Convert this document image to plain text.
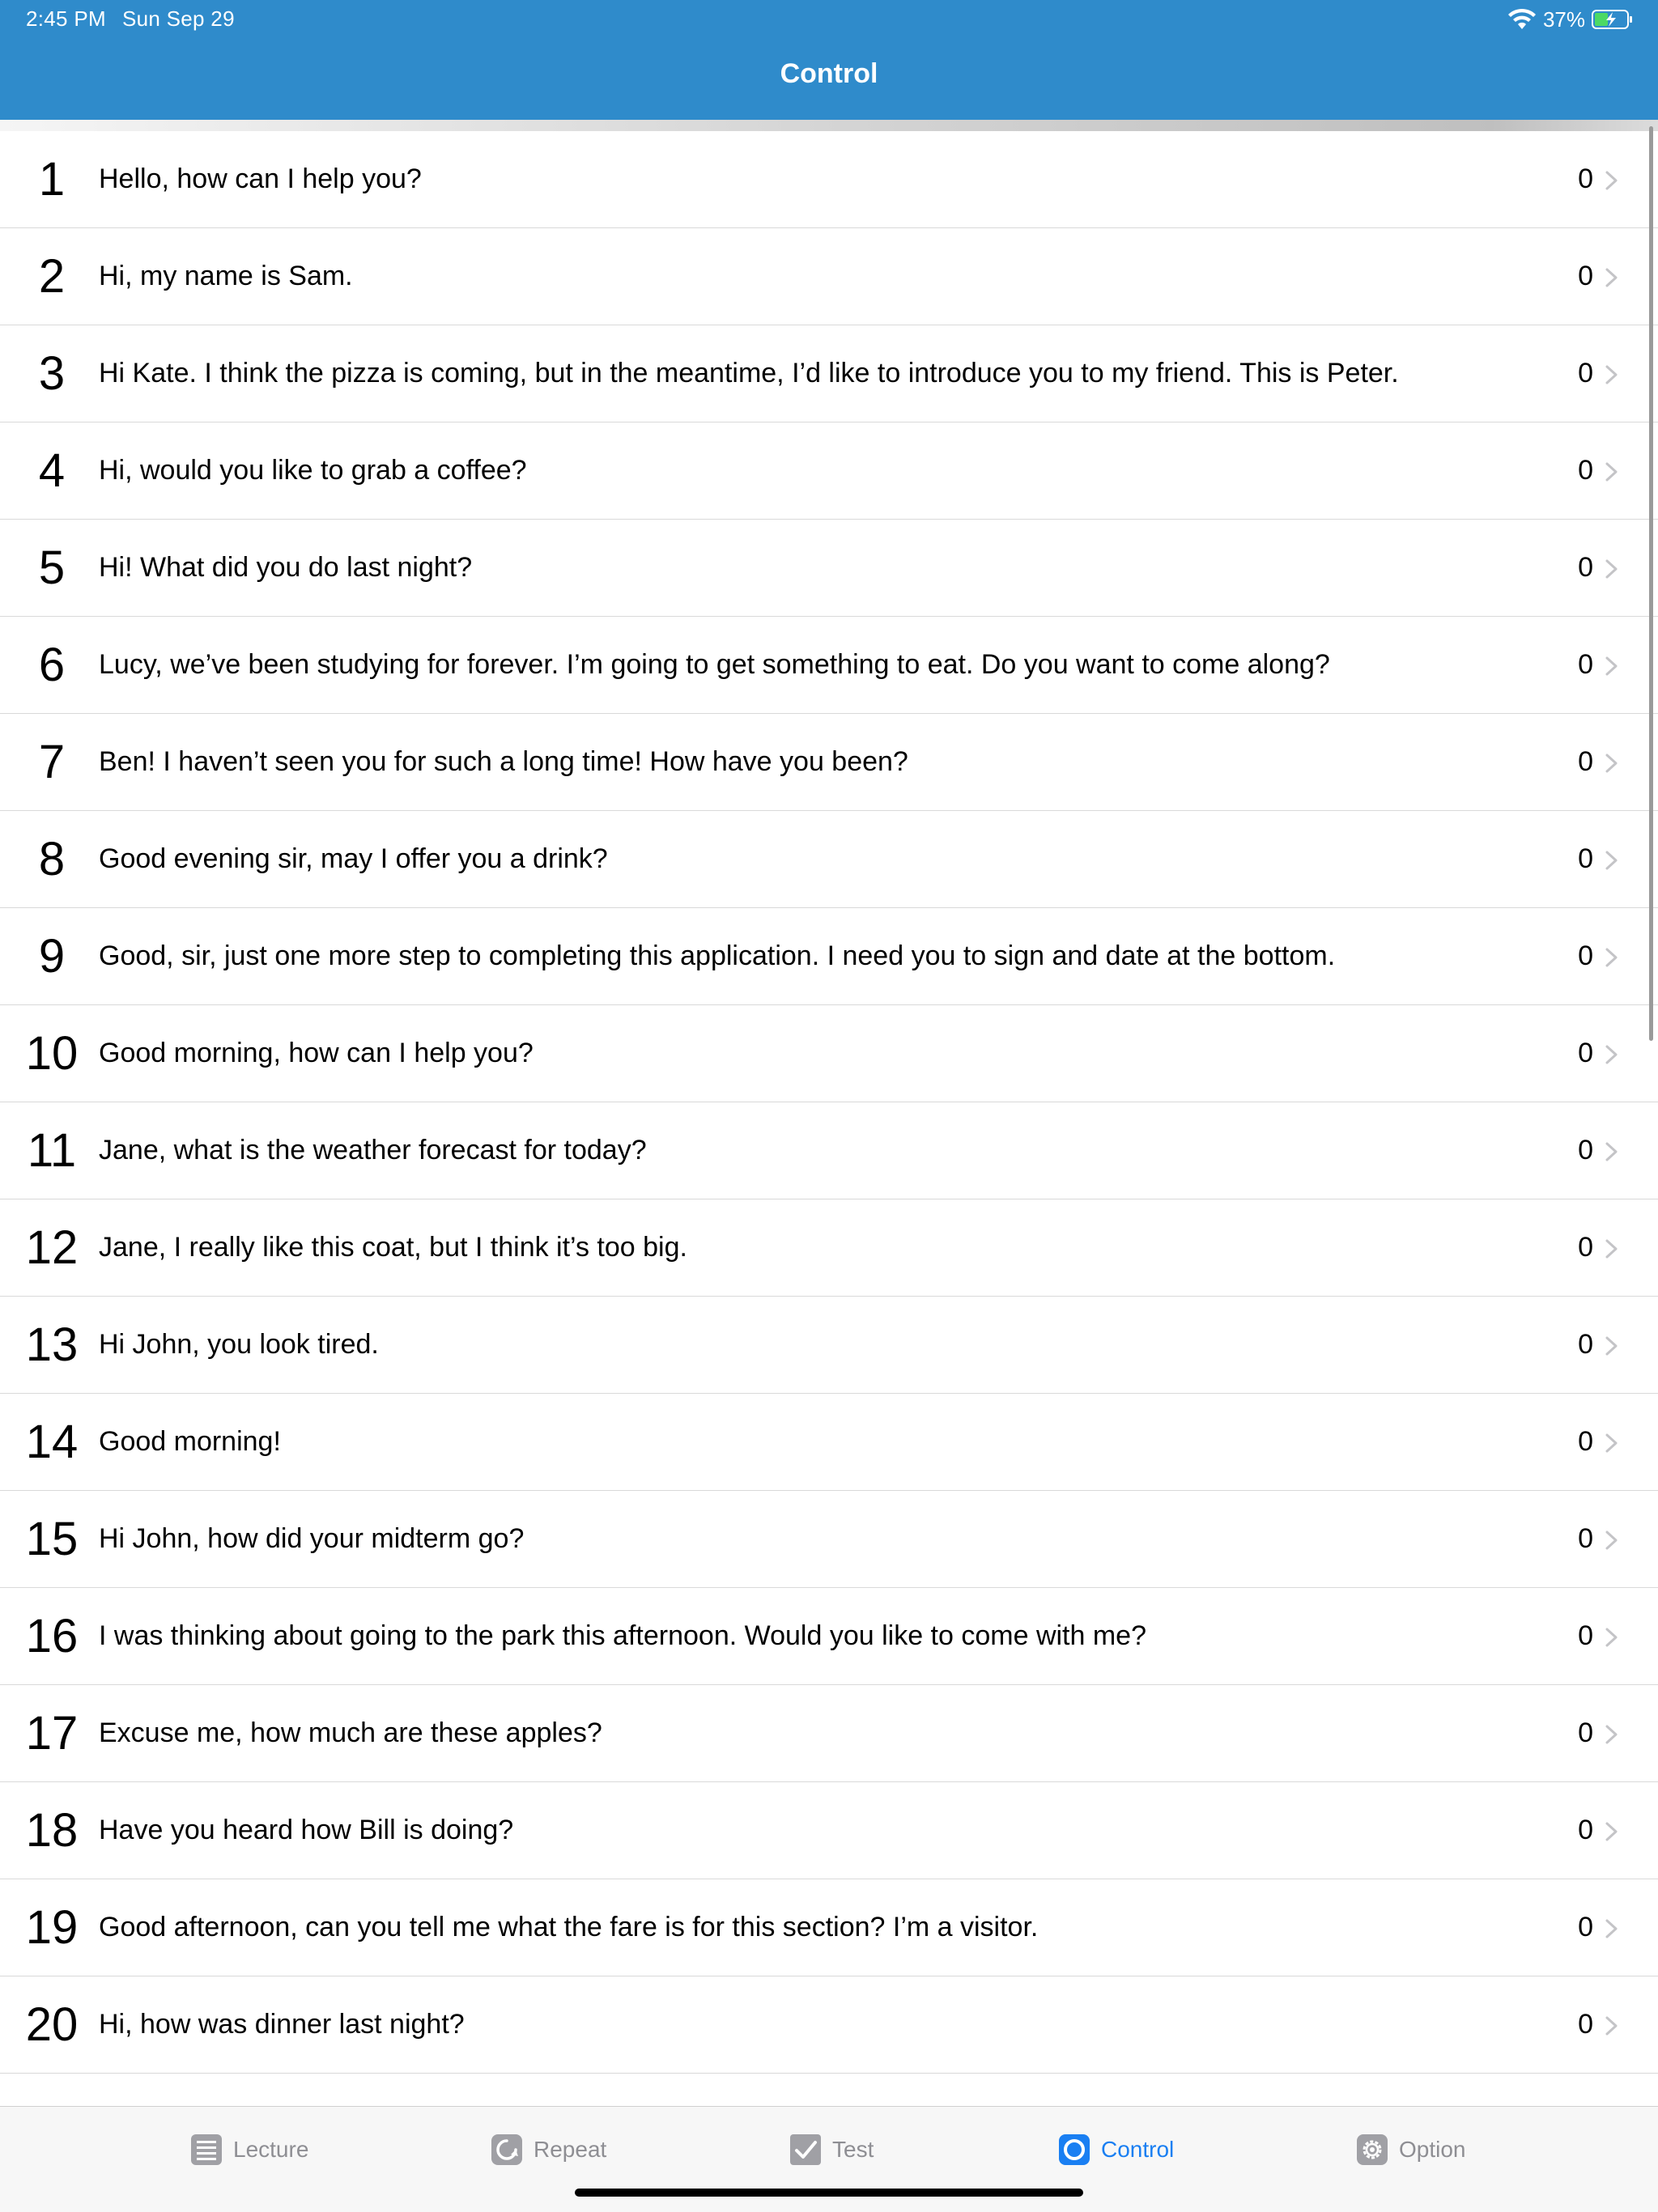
2:45 PM Sun Sep 29	37%
Control
1	Hello, how can I help you?	0
2	Hi, my name is Sam.	0
3	Hi Kate. I think the pizza is coming, but in the meantime, I’d like to introduce you to my friend. This is Peter.	0
4	Hi, would you like to grab a coffee?	0
5	Hi! What did you do last night?	0
6	Lucy, we’ve been studying for forever. I’m going to get something to eat. Do you want to come along?	0
7	Ben! I haven’t seen you for such a long time! How have you been?	0
8	Good evening sir, may I offer you a drink?	0
9	Good, sir, just one more step to completing this application. I need you to sign and date at the bottom.	0
10 Good morning, how can I help you?	0
11 Jane, what is the weather forecast for today?	0
12 Jane, I really like this coat, but I think it’s too big.	0
13 Hi John, you look tired.	0
14 Good morning!	0
15 Hi John, how did your midterm go?	0
16 I was thinking about going to the park this afternoon. Would you like to come with me?	0
17 Excuse me, how much are these apples?	0
18 Have you heard how Bill is doing?	0
19 Good afternoon, can you tell me what the fare is for this section? I’m a visitor.	0
20 Hi, how was dinner last night?	0
Lecture	Repeat	Test	Control	Option
